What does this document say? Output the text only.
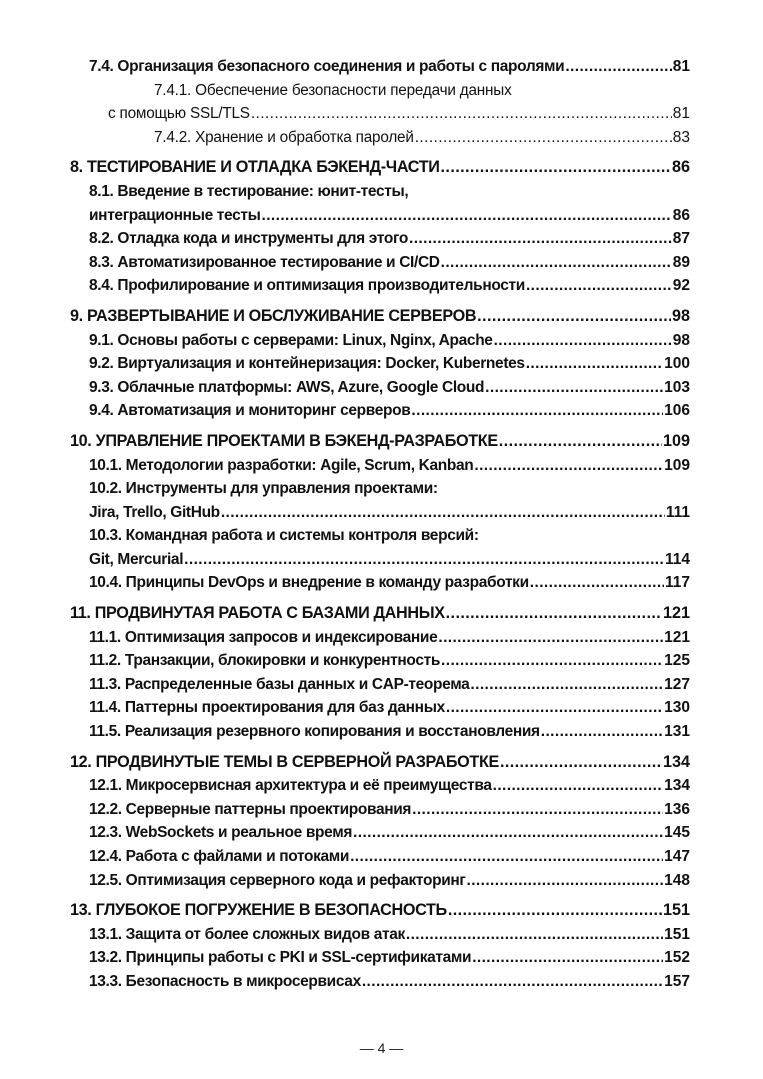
7.4. Организация безопасного соединения и работы с паролями .....	81
7.4.1. Обеспечение безопасности передачи данных
с помощью SSL/TLS .....	81
7.4.2. Хранение и обработка паролей .....	83
8. ТЕСТИРОВАНИЕ И ОТЛАДКА БЭКЕНД-ЧАСТИ .....	86
8.1. Введение в тестирование: юнит-тесты,
интеграционные тесты .....	86
8.2. Отладка кода и инструменты для этого .....	87
8.3. Автоматизированное тестирование и CI/CD .....	89
8.4. Профилирование и оптимизация производительности .....	92
9. РАЗВЕРТЫВАНИЕ И ОБСЛУЖИВАНИЕ СЕРВЕРОВ .....	98
9.1. Основы работы с серверами: Linux, Nginx, Apache .....	98
9.2. Виртуализация и контейнеризация: Docker, Kubernetes .....	100
9.3. Облачные платформы: AWS, Azure, Google Cloud .....	103
9.4. Автоматизация и мониторинг серверов .....	106
10. УПРАВЛЕНИЕ ПРОЕКТАМИ В БЭКЕНД-РАЗРАБОТКЕ .....	109
10.1. Методологии разработки: Agile, Scrum, Kanban .....	109
10.2. Инструменты для управления проектами:
Jira, Trello, GitHub .....	111
10.3. Командная работа и системы контроля версий:
Git, Mercurial .....	114
10.4. Принципы DevOps и внедрение в команду разработки .....	117
11. ПРОДВИНУТАЯ РАБОТА С БАЗАМИ ДАННЫХ .....	121
11.1. Оптимизация запросов и индексирование .....	121
11.2. Транзакции, блокировки и конкурентность .....	125
11.3. Распределенные базы данных и CAP-теорема .....	127
11.4. Паттерны проектирования для баз данных .....	130
11.5. Реализация резервного копирования и восстановления .....	131
12. ПРОДВИНУТЫЕ ТЕМЫ В СЕРВЕРНОЙ РАЗРАБОТКЕ .....	134
12.1. Микросервисная архитектура и её преимущества .....	134
12.2. Серверные паттерны проектирования .....	136
12.3. WebSockets и реальное время .....	145
12.4. Работа с файлами и потоками .....	147
12.5. Оптимизация серверного кода и рефакторинг .....	148
13. ГЛУБОКОЕ ПОГРУЖЕНИЕ В БЕЗОПАСНОСТЬ .....	151
13.1. Защита от более сложных видов атак .....	151
13.2. Принципы работы с PKI и SSL-сертификатами .....	152
13.3. Безопасность в микросервисах .....	157
— 4 —
